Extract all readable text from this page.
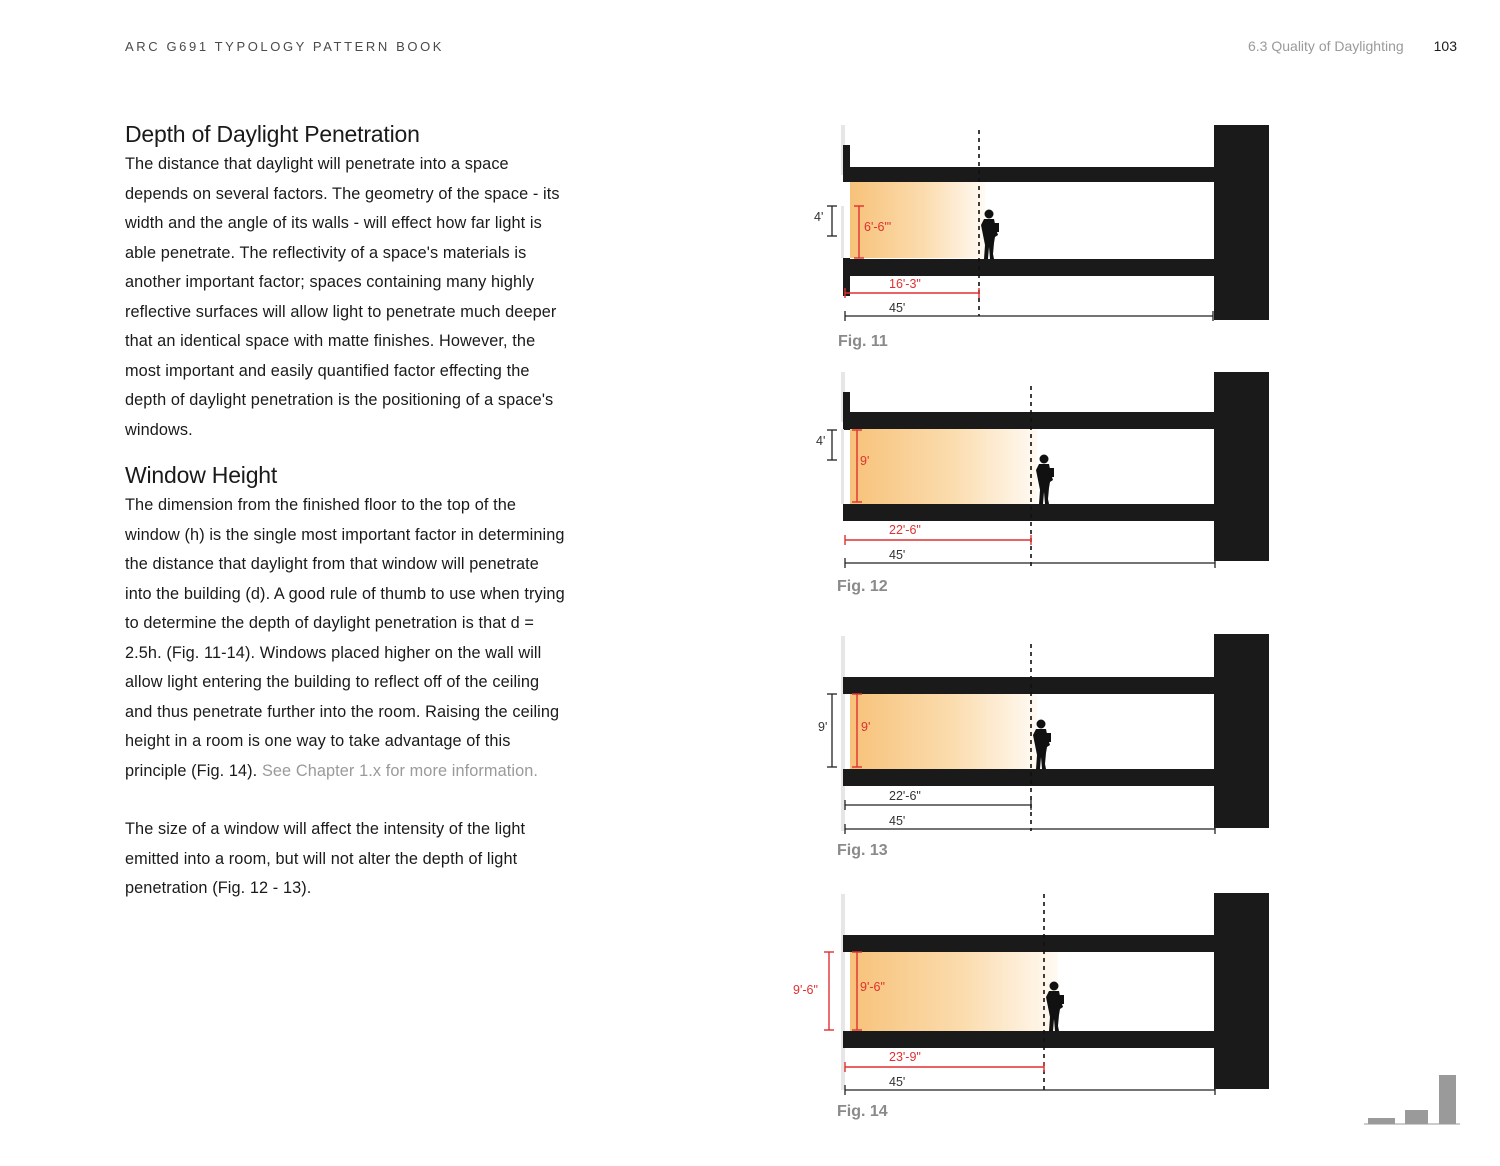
ARC G691 TYPOLOGY PATTERN BOOK	6.3 Quality of Daylighting 103
Depth of Daylight Penetration

The distance that daylight will penetrate into a space depends on several factors. The geometry of the space - its width and the angle of its walls - will effect how far light is able penetrate. The reflectivity of a space's materials is another important factor; spaces containing many highly reflective surfaces will allow light to penetrate much deeper that an identical space with matte finishes. However, the most important and easily quantified factor effecting the depth of daylight penetration is the positioning of a space's windows.

Window Height

The dimension from the finished floor to the top of the window (h) is the single most important factor in determining the distance that daylight from that window will penetrate into the building (d). A good rule of thumb to use when trying to determine the depth of daylight penetration is that d = 2.5h. (Fig. 11-14). Windows placed higher on the wall will allow light entering the building to reflect off of the ceiling and thus penetrate further into the room. Raising the ceiling height in a room is one way to take advantage of this principle (Fig. 14). See Chapter 1.x for more information.

The size of a window will affect the intensity of the light emitted into a room, but will not alter the depth of light penetration (Fig. 12 - 13).

4'
6'-6"'
16'-3"
45'
4'
9'
22'-6"
45'
9'	9'
22'-6"
45'
9'-6"	9'-6"
23'-9"
45'
Fig. 11
Fig. 12
Fig. 13
Fig. 14
